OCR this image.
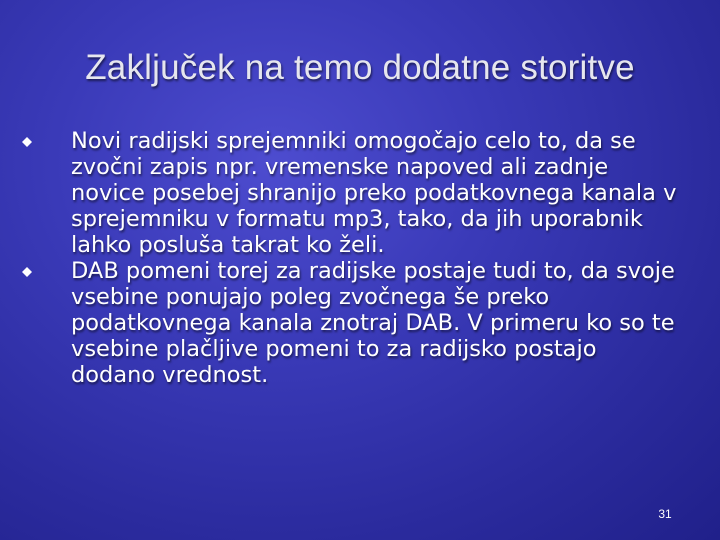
Zaključek na temo dodatne storitve
Novi radijski sprejemniki omogočajo celo to, da se zvočni zapis npr. vremenske napoved ali zadnje novice posebej shranijo preko podatkovnega kanala v sprejemniku v formatu mp3, tako, da jih uporabnik lahko posluša takrat ko želi.
DAB pomeni torej za radijske postaje tudi to, da svoje vsebine ponujajo poleg zvočnega še preko podatkovnega kanala znotraj DAB. V primeru ko so te vsebine plačljive pomeni to za radijsko postajo dodano vrednost.
31
